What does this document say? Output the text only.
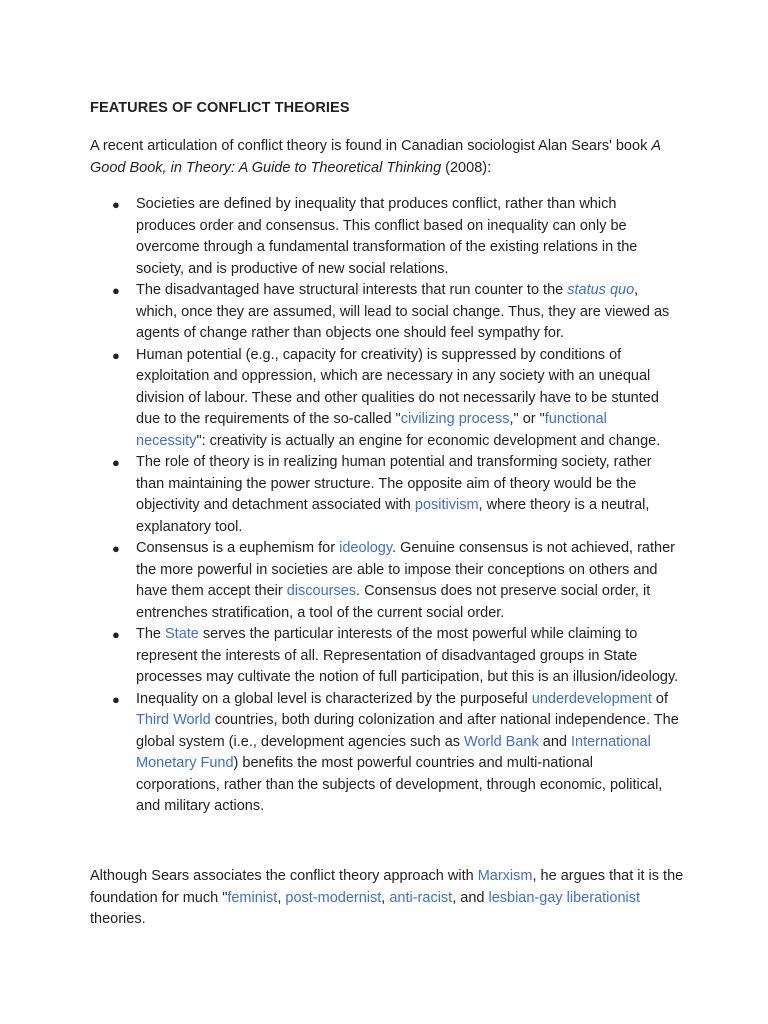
FEATURES OF CONFLICT THEORIES

A recent articulation of conflict theory is found in Canadian sociologist Alan Sears' book A Good Book, in Theory: A Guide to Theoretical Thinking (2008):

● Societies are defined by inequality that produces conflict, rather than which produces order and consensus. This conflict based on inequality can only be overcome through a fundamental transformation of the existing relations in the society, and is productive of new social relations.
● The disadvantaged have structural interests that run counter to the status quo, which, once they are assumed, will lead to social change. Thus, they are viewed as agents of change rather than objects one should feel sympathy for.
● Human potential (e.g., capacity for creativity) is suppressed by conditions of exploitation and oppression, which are necessary in any society with an unequal division of labour. These and other qualities do not necessarily have to be stunted due to the requirements of the so-called "civilizing process," or "functional necessity": creativity is actually an engine for economic development and change.
● The role of theory is in realizing human potential and transforming society, rather than maintaining the power structure. The opposite aim of theory would be the objectivity and detachment associated with positivism, where theory is a neutral, explanatory tool.
● Consensus is a euphemism for ideology. Genuine consensus is not achieved, rather the more powerful in societies are able to impose their conceptions on others and have them accept their discourses. Consensus does not preserve social order, it entrenches stratification, a tool of the current social order.
● The State serves the particular interests of the most powerful while claiming to represent the interests of all. Representation of disadvantaged groups in State processes may cultivate the notion of full participation, but this is an illusion/ideology.
● Inequality on a global level is characterized by the purposeful underdevelopment of Third World countries, both during colonization and after national independence. The global system (i.e., development agencies such as World Bank and International Monetary Fund) benefits the most powerful countries and multi-national corporations, rather than the subjects of development, through economic, political, and military actions.

Although Sears associates the conflict theory approach with Marxism, he argues that it is the foundation for much "feminist, post-modernist, anti-racist, and lesbian-gay liberationist theories.
